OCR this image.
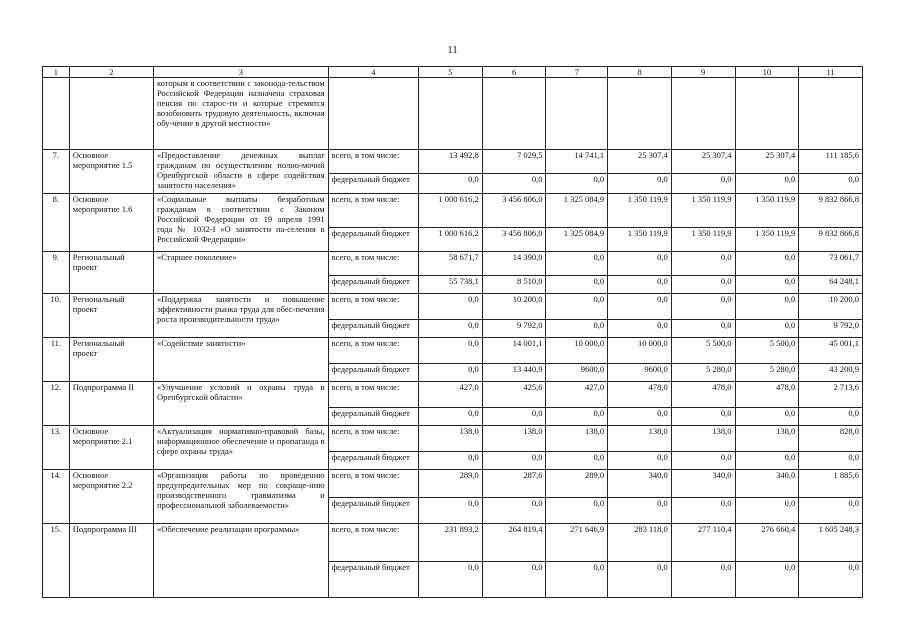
11
1	2	3	4	5	6	7	8	9	10	11
		которым в соответствии с законода-тельством Российской Федерации назначена страховая пенсия по старос-ти и которые стремятся возобновить трудовую деятельность, включая обу-чение в другой местности»								
7.	Основное мероприятие 1.5	«Предоставление денежных выплат гражданам по осуществлении полно-мочий Оренбургской области в сфере содействия занятости населения»	всего, в том числе:	13 492,8	7 029,5	14 741,1	25 307,4	25 307,4	25 307,4	111 185,6
			федеральный бюджет	0,0	0,0	0,0	0,0	0,0	0,0	0,0
8.	Основное мероприятие 1.6	«Социальные выплаты безработным гражданам в соответствии с Законом Российской Федерации от 19 апреля 1991 года № 1032-I «О занятости на-селения в Российской Федерации»	всего, в том числе:	1 000 616,2	3 456 806,0	1 325 084,9	1 350 119,9	1 350 119,9	1 350 119,9	9 832 866,8
			федеральный бюджет	1 000 616,2	3 456 806,0	1 325 084,9	1 350 119,9	1 350 119,9	1 350 119,9	9 832 866,8
9.	Региональный проект	«Старшее поколение»	всего, в том числе:	58 671,7	14 390,0	0,0	0,0	0,0	0,0	73 061,7
			федеральный бюджет	55 738,1	8 510,0	0,0	0,0	0,0	0,0	64 248,1
10.	Региональный проект	«Поддержка занятости и повышение эффективности рынка труда для обес-печения роста производительности труда»	всего, в том числе:	0,0	10 200,0	0,0	0,0	0,0	0,0	10 200,0
			федеральный бюджет	0,0	9 792,0	0,0	0,0	0,0	0,0	9 792,0
11.	Региональный проект	«Содействие занятости»	всего, в том числе:	0,0	14 001,1	10 000,0	10 000,0	5 500,0	5 500,0	45 001,1
			федеральный бюджет	0,0	13 440,9	9600,0	9600,0	5 280,0	5 280,0	43 200,9
12.	Подпрограмма II	«Улучшение условий и охраны труда в Оренбургской области»	всего, в том числе:	427,0	425,6	427,0	478,0	478,0	478,0	2 713,6
			федеральный бюджет	0,0	0,0	0,0	0,0	0,0	0,0	0,0
13.	Основное мероприятие 2.1	«Актуализация нормативно-правовой базы, информационное обеспечение и пропаганда в сфере охраны труда»	всего, в том числе:	138,0	138,0	138,0	138,0	138,0	138,0	828,0
			федеральный бюджет	0,0	0,0	0,0	0,0	0,0	0,0	0,0
14.	Основное мероприятие 2.2	«Организация работы по проведению предупредительных мер по сокраще-нию производственного травматизма и профессиональной заболеваемости»	всего, в том числе:	289,0	287,6	289,0	340,0	340,0	340,0	1 885,6
			федеральный бюджет	0,0	0,0	0,0	0,0	0,0	0,0	0,0
15.	Подпрограмма III	«Обеспечение реализации программы»	всего, в том числе:	231 893,2	264 819,4	271 646,9	283 118,0	277 110,4	276 660,4	1 605 248,3
			федеральный бюджет	0,0	0,0	0,0	0,0	0,0	0,0	0,0
